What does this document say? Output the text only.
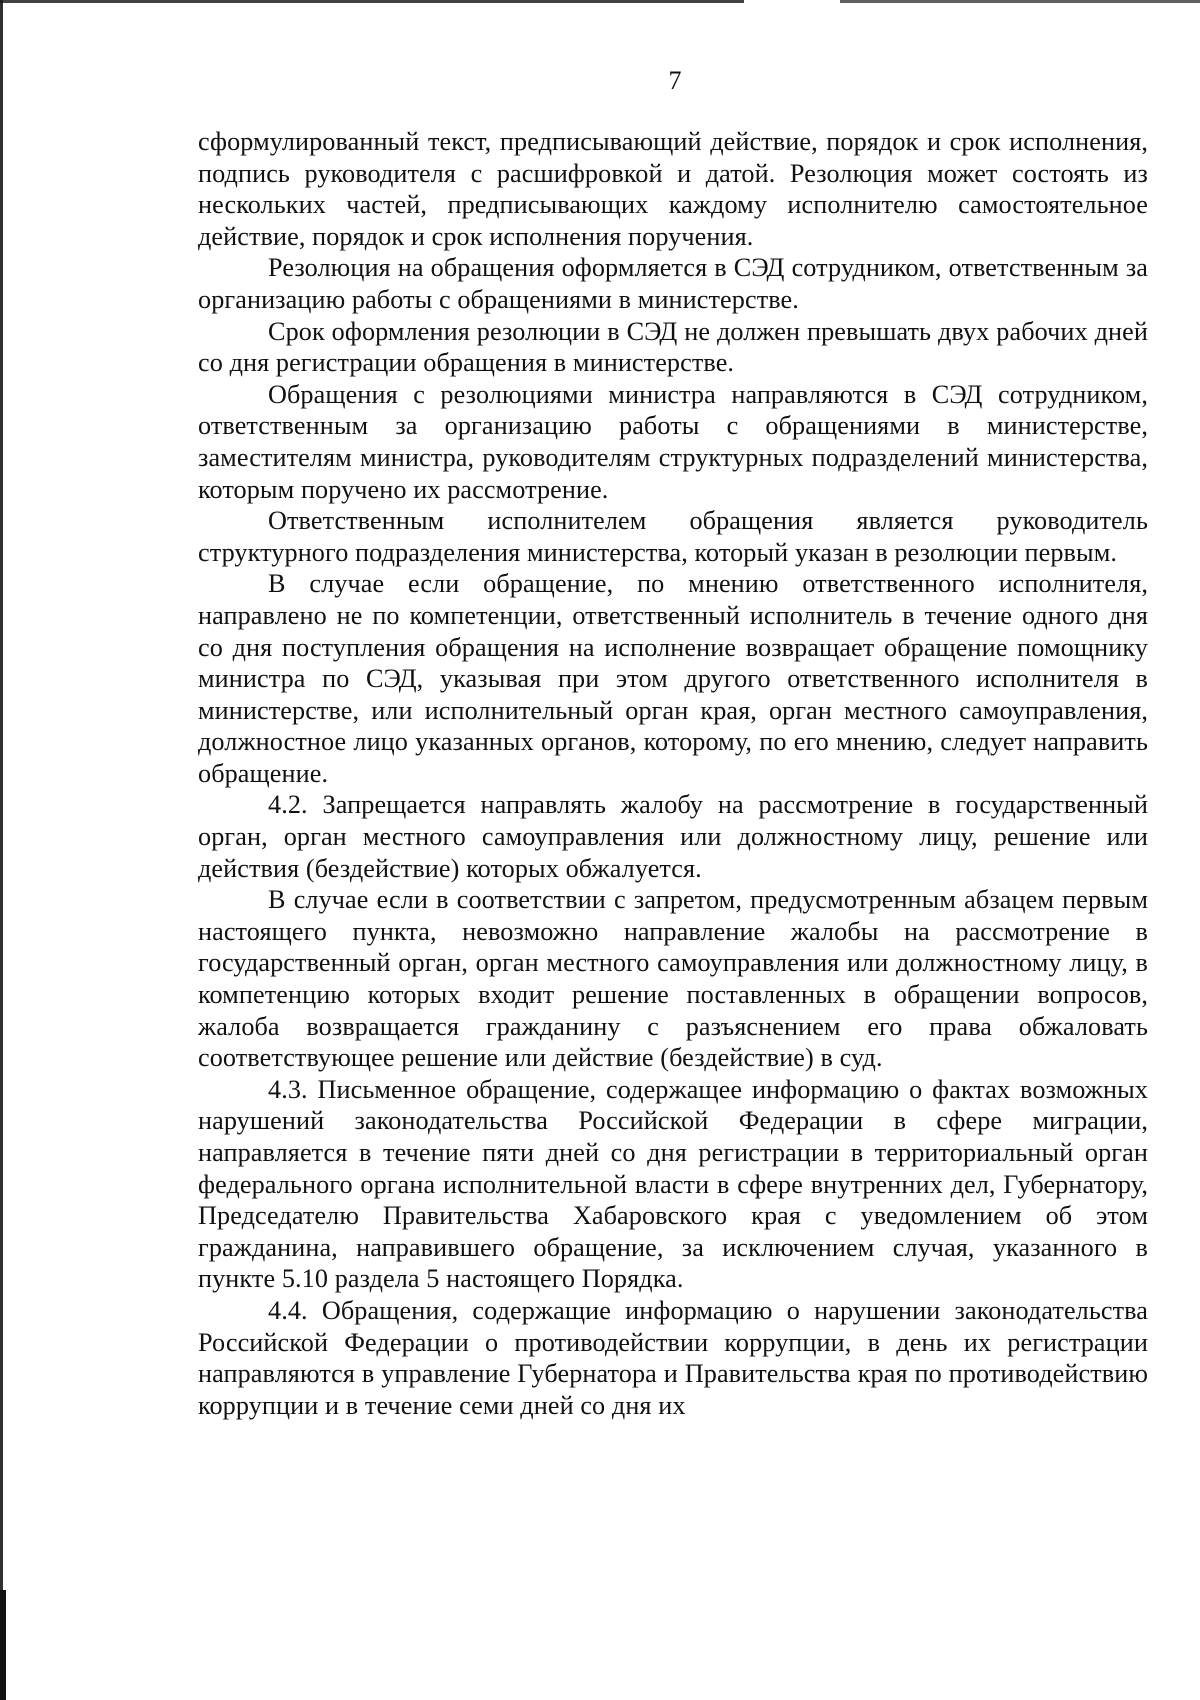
7

сформулированный текст, предписывающий действие, порядок и срок исполнения, подпись руководителя с расшифровкой и датой. Резолюция может состоять из нескольких частей, предписывающих каждому исполнителю самостоятельное действие, порядок и срок исполнения поручения.

Резолюция на обращения оформляется в СЭД сотрудником, ответственным за организацию работы с обращениями в министерстве.

Срок оформления резолюции в СЭД не должен превышать двух рабочих дней со дня регистрации обращения в министерстве.

Обращения с резолюциями министра направляются в СЭД сотрудником, ответственным за организацию работы с обращениями в министерстве, заместителям министра, руководителям структурных подразделений министерства, которым поручено их рассмотрение.

Ответственным исполнителем обращения является руководитель структурного подразделения министерства, который указан в резолюции первым.

В случае если обращение, по мнению ответственного исполнителя, направлено не по компетенции, ответственный исполнитель в течение одного дня со дня поступления обращения на исполнение возвращает обращение помощнику министра по СЭД, указывая при этом другого ответственного исполнителя в министерстве, или исполнительный орган края, орган местного самоуправления, должностное лицо указанных органов, которому, по его мнению, следует направить обращение.

4.2. Запрещается направлять жалобу на рассмотрение в государственный орган, орган местного самоуправления или должностному лицу, решение или действия (бездействие) которых обжалуется.

В случае если в соответствии с запретом, предусмотренным абзацем первым настоящего пункта, невозможно направление жалобы на рассмотрение в государственный орган, орган местного самоуправления или должностному лицу, в компетенцию которых входит решение поставленных в обращении вопросов, жалоба возвращается гражданину с разъяснением его права обжаловать соответствующее решение или действие (бездействие) в суд.

4.3. Письменное обращение, содержащее информацию о фактах возможных нарушений законодательства Российской Федерации в сфере миграции, направляется в течение пяти дней со дня регистрации в территориальный орган федерального органа исполнительной власти в сфере внутренних дел, Губернатору, Председателю Правительства Хабаровского края с уведомлением об этом гражданина, направившего обращение, за исключением случая, указанного в пункте 5.10 раздела 5 настоящего Порядка.

4.4. Обращения, содержащие информацию о нарушении законодательства Российской Федерации о противодействии коррупции, в день их регистрации направляются в управление Губернатора и Правительства края по противодействию коррупции и в течение семи дней со дня их
